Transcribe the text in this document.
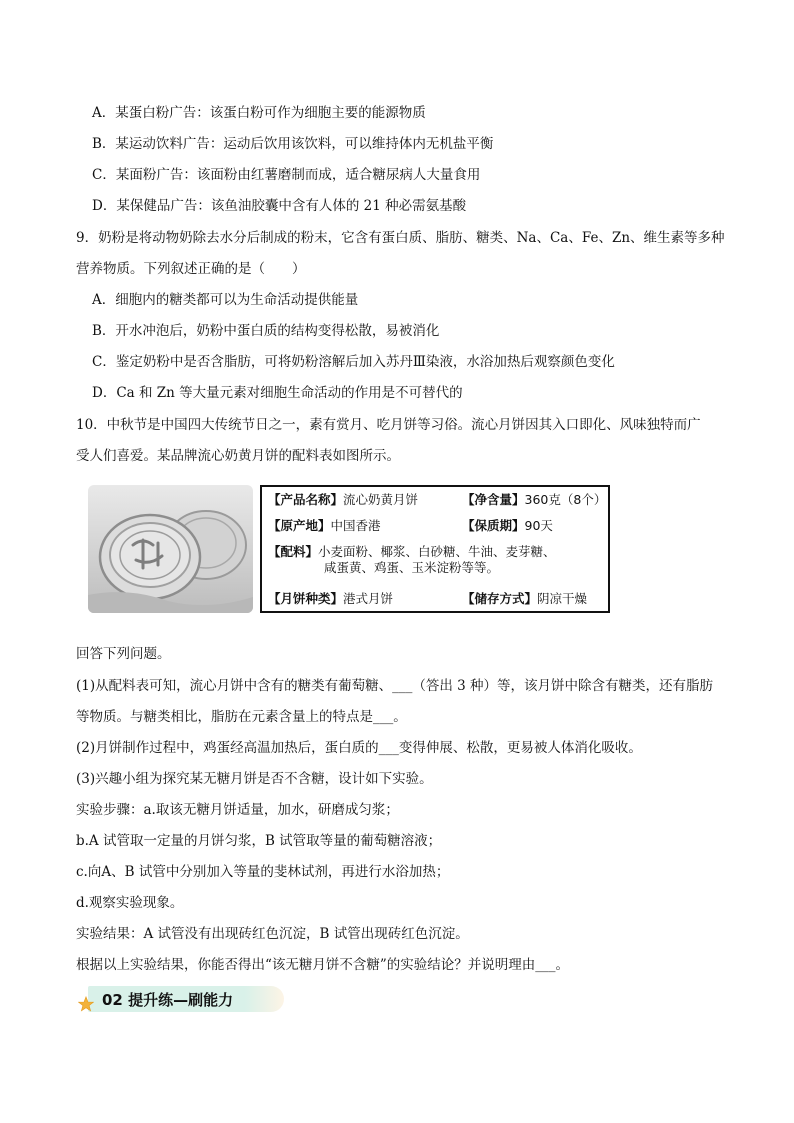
A．某蛋白粉广告：该蛋白粉可作为细胞主要的能源物质
B．某运动饮料广告：运动后饮用该饮料，可以维持体内无机盐平衡
C．某面粉广告：该面粉由红薯磨制而成，适合糖尿病人大量食用
D．某保健品广告：该鱼油胶囊中含有人体的 21 种必需氨基酸
9．奶粉是将动物奶除去水分后制成的粉末，它含有蛋白质、脂肪、糖类、Na、Ca、Fe、Zn、维生素等多种
营养物质。下列叙述正确的是（　　）
A．细胞内的糖类都可以为生命活动提供能量
B．开水冲泡后，奶粉中蛋白质的结构变得松散，易被消化
C．鉴定奶粉中是否含脂肪，可将奶粉溶解后加入苏丹Ⅲ染液，水浴加热后观察颜色变化
D．Ca 和 Zn 等大量元素对细胞生命活动的作用是不可替代的
10．中秋节是中国四大传统节日之一，素有赏月、吃月饼等习俗。流心月饼因其入口即化、风味独特而广
受人们喜爱。某品牌流心奶黄月饼的配料表如图所示。
【产品名称】流心奶黄月饼	【净含量】360克（8个）
【原产地】中国香港	【保质期】90天
【配料】小麦面粉、椰浆、白砂糖、牛油、麦芽糖、
咸蛋黄、鸡蛋、玉米淀粉等等。
【月饼种类】港式月饼	【储存方式】阴凉干燥
回答下列问题。
(1)从配料表可知，流心月饼中含有的糖类有葡萄糖、___（答出 3 种）等，该月饼中除含有糖类，还有脂肪
等物质。与糖类相比，脂肪在元素含量上的特点是___。
(2)月饼制作过程中，鸡蛋经高温加热后，蛋白质的___变得伸展、松散，更易被人体消化吸收。
(3)兴趣小组为探究某无糖月饼是否不含糖，设计如下实验。
实验步骤：a.取该无糖月饼适量，加水，研磨成匀浆；
b.A 试管取一定量的月饼匀浆，B 试管取等量的葡萄糖溶液；
c.向A、B 试管中分别加入等量的斐林试剂，再进行水浴加热；
d.观察实验现象。
实验结果：A 试管没有出现砖红色沉淀，B 试管出现砖红色沉淀。
根据以上实验结果，你能否得出“该无糖月饼不含糖”的实验结论？并说明理由___。
02 提升练—刷能力
